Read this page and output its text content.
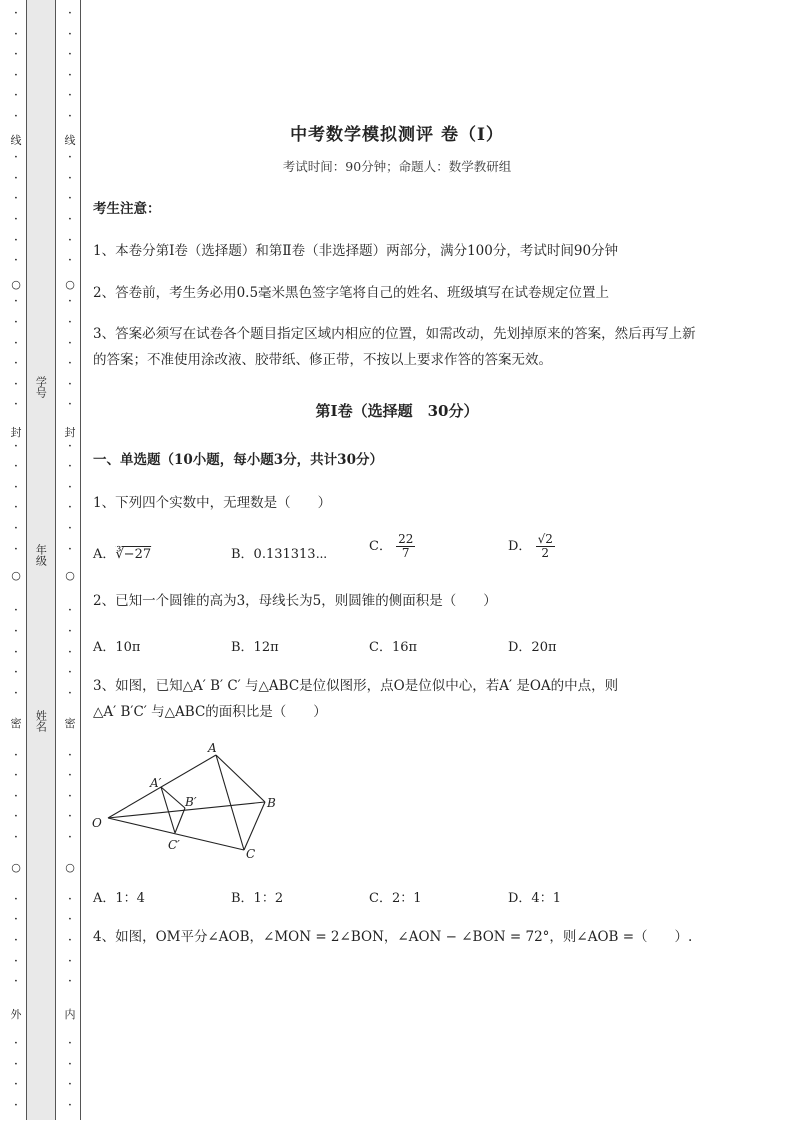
·
·
·
·
·
·
·
·
·
·
·
·
·
·
·
·
·
·
·
·
·
·
·
·
·
·
·
·
·
·
·
·
·
·
·
·
·
·
·
·
·
·
·
线
○
封
○
密
○
外
·
·
·
·
·
·
·
·
·
·
·
·
·
·
·
·
·
·
·
·
·
·
·
·
·
·
·
·
·
·
·
·
·
·
·
·
·
·
·
·
·
·
·
线
○
封
○
密
○
内
学号
年级
姓名
中考数学模拟测评 卷（Ⅰ）
考试时间：90分钟；命题人：数学教研组
考生注意：
1、本卷分第Ⅰ卷（选择题）和第Ⅱ卷（非选择题）两部分，满分100分，考试时间90分钟
2、答卷前，考生务必用0.5毫米黑色签字笔将自己的姓名、班级填写在试卷规定位置上
3、答案必须写在试卷各个题目指定区域内相应的位置，如需改动，先划掉原来的答案，然后再写上新
的答案；不准使用涂改液、胶带纸、修正带，不按以上要求作答的答案无效。
第Ⅰ卷（选择题　30分）
一、单选题（10小题，每小题3分，共计30分）
1、下列四个实数中，无理数是（　　）
A．∛−27	B．0.131313⋯
C． $\frac{22}{7}$	D． $\frac{√2}{2}$
2、已知一个圆锥的高为3，母线长为5，则圆锥的侧面积是（　　）
A．10π	B．12π	C．16π	D．20π
3、如图，已知△A′ B′ C′ 与△ABC是位似图形，点O是位似中心，若A′ 是OA的中点，则
△A′ B′C′ 与△ABC的面积比是（　　）
A
B
C
O
A′
B′
C′
A．1：4	B．1：2	C．2：1	D．4：1
4、如图，OM平分∠AOB，∠MON = 2∠BON，∠AON − ∠BON = 72°，则∠AOB =（　　）.
